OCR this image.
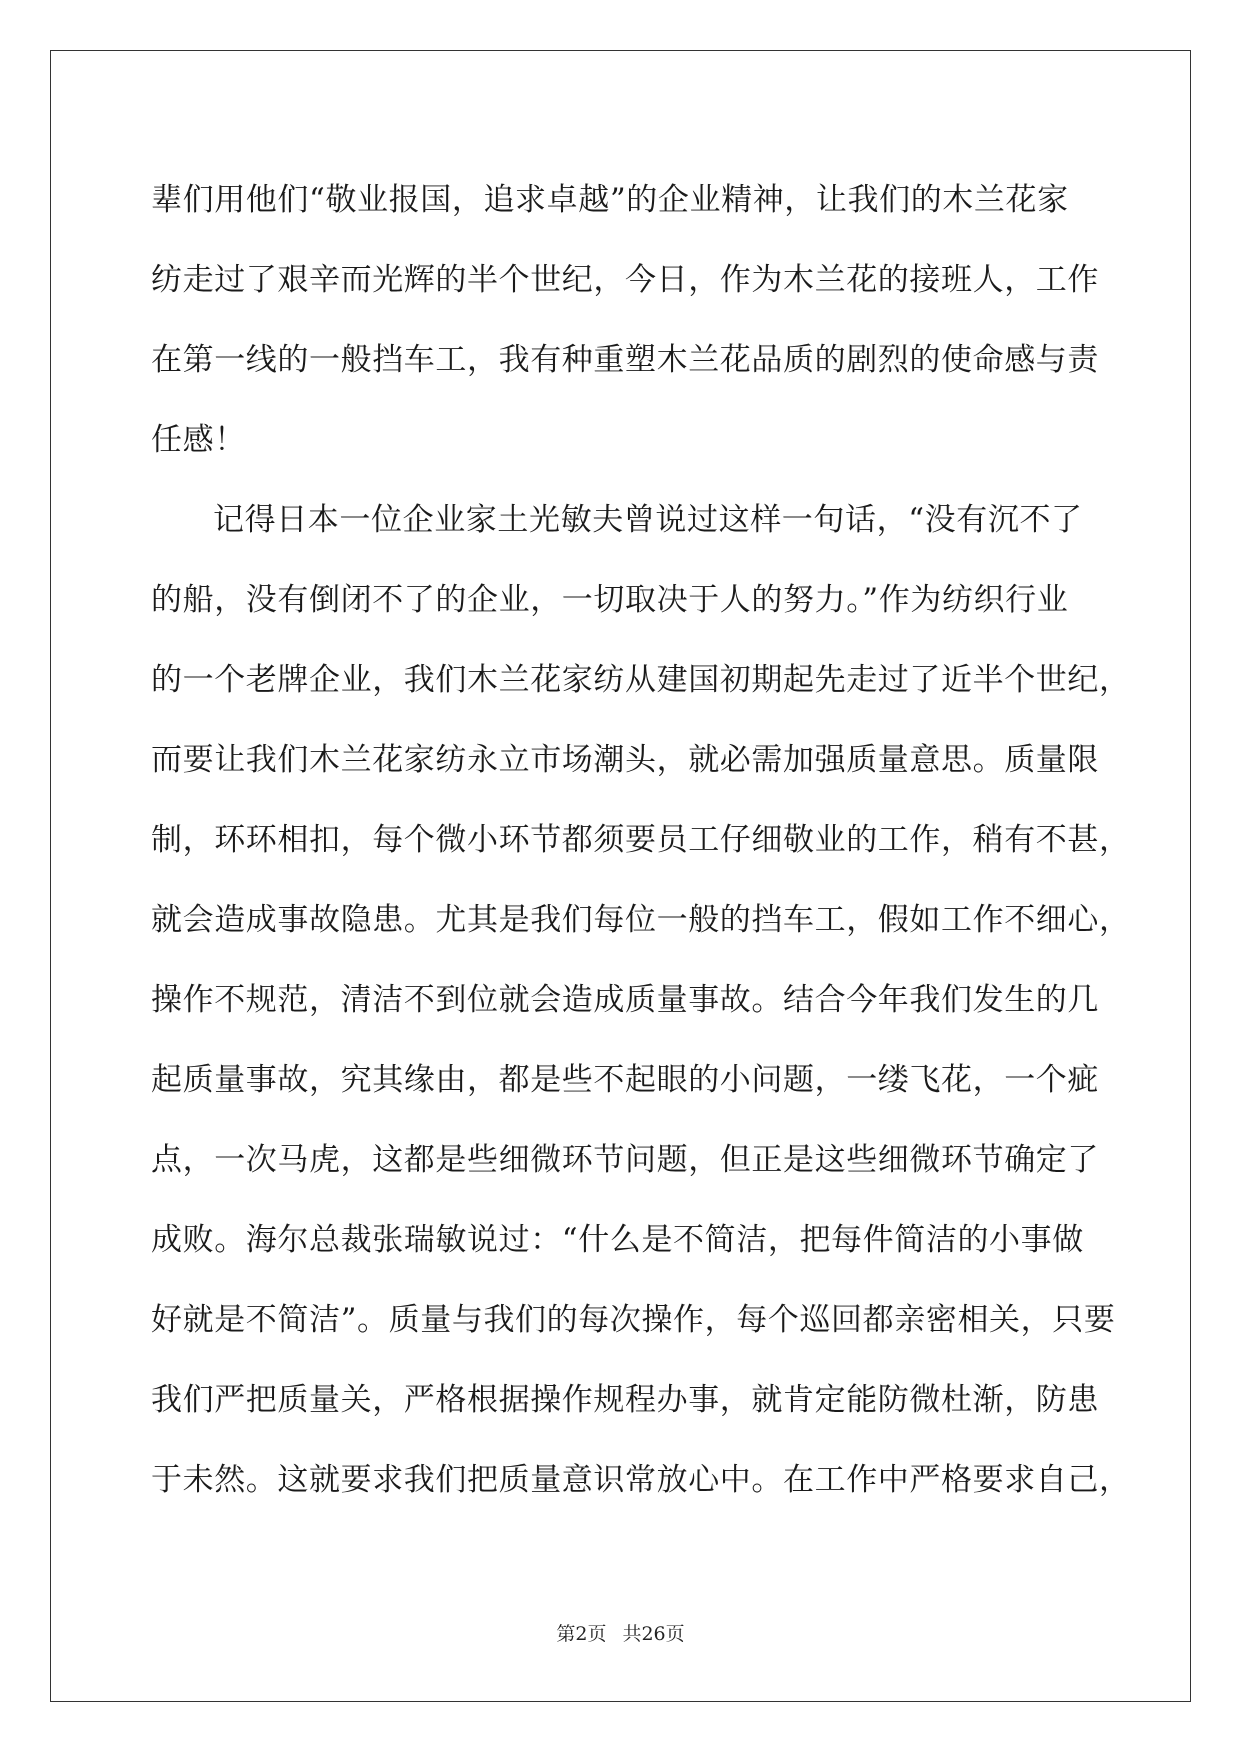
辈们用他们“敬业报国，追求卓越”的企业精神，让我们的木兰花家
纺走过了艰辛而光辉的半个世纪，今日，作为木兰花的接班人，工作
在第一线的一般挡车工，我有种重塑木兰花品质的剧烈的使命感与责
任感！
记得日本一位企业家土光敏夫曾说过这样一句话，“没有沉不了
的船，没有倒闭不了的企业，一切取决于人的努力。”作为纺织行业
的一个老牌企业，我们木兰花家纺从建国初期起先走过了近半个世纪，
而要让我们木兰花家纺永立市场潮头，就必需加强质量意思。质量限
制，环环相扣，每个微小环节都须要员工仔细敬业的工作，稍有不甚，
就会造成事故隐患。尤其是我们每位一般的挡车工，假如工作不细心，
操作不规范，清洁不到位就会造成质量事故。结合今年我们发生的几
起质量事故，究其缘由，都是些不起眼的小问题，一缕飞花，一个疵
点，一次马虎，这都是些细微环节问题，但正是这些细微环节确定了
成败。海尔总裁张瑞敏说过：“什么是不简洁，把每件简洁的小事做
好就是不简洁”。质量与我们的每次操作，每个巡回都亲密相关，只要
我们严把质量关，严格根据操作规程办事，就肯定能防微杜渐，防患
于未然。这就要求我们把质量意识常放心中。在工作中严格要求自己，
第2页 共26页
